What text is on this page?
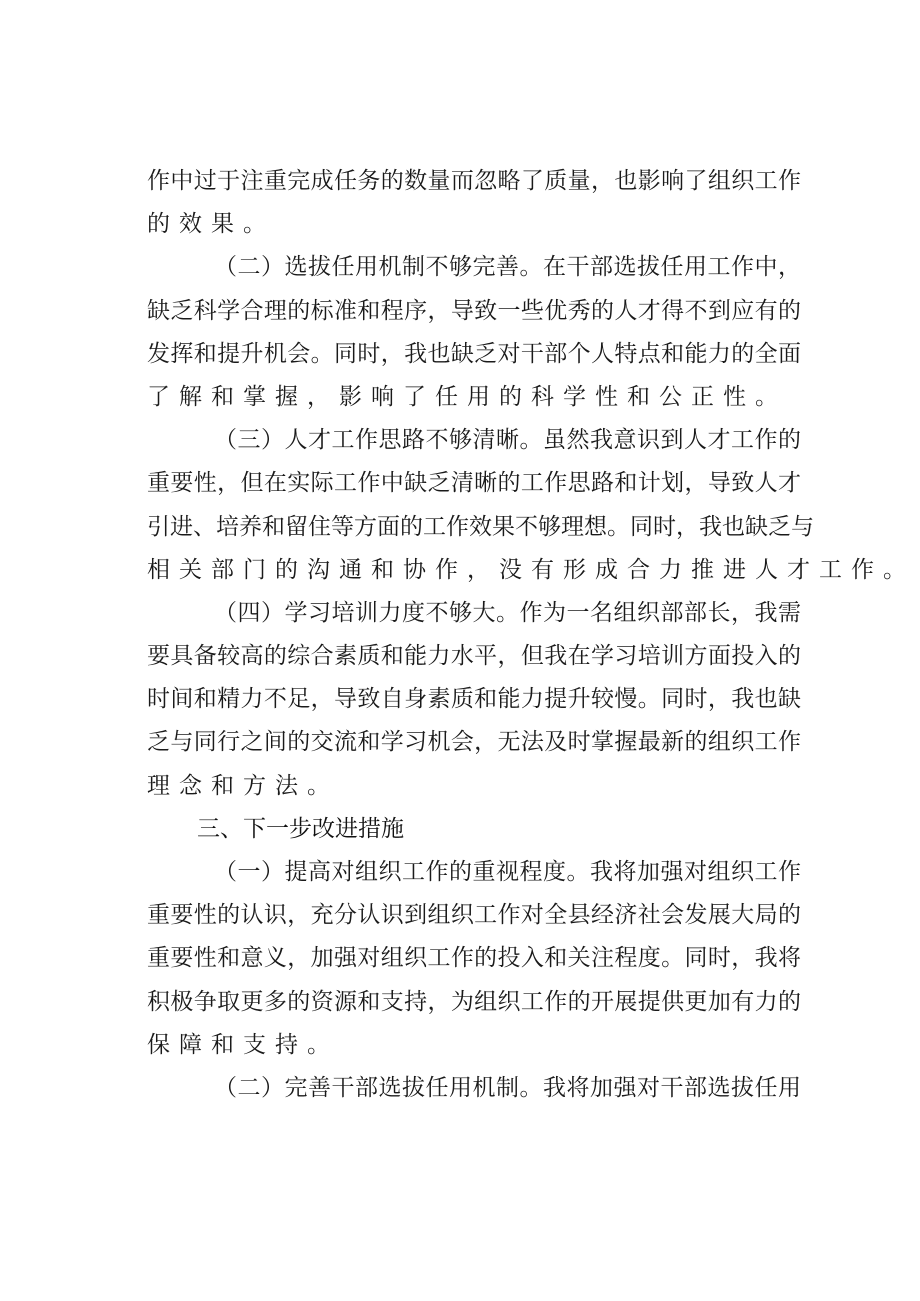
作中过于注重完成任务的数量而忽略了质量，也影响了组织工作
的效果。
（二）选拔任用机制不够完善。在干部选拔任用工作中，
缺乏科学合理的标准和程序，导致一些优秀的人才得不到应有的
发挥和提升机会。同时，我也缺乏对干部个人特点和能力的全面
了解和掌握，影响了任用的科学性和公正性。
（三）人才工作思路不够清晰。虽然我意识到人才工作的
重要性，但在实际工作中缺乏清晰的工作思路和计划，导致人才
引进、培养和留住等方面的工作效果不够理想。同时，我也缺乏与
相关部门的沟通和协作，没有形成合力推进人才工作。
（四）学习培训力度不够大。作为一名组织部部长，我需
要具备较高的综合素质和能力水平，但我在学习培训方面投入的
时间和精力不足，导致自身素质和能力提升较慢。同时，我也缺
乏与同行之间的交流和学习机会，无法及时掌握最新的组织工作
理念和方法。
三、下一步改进措施
（一）提高对组织工作的重视程度。我将加强对组织工作
重要性的认识，充分认识到组织工作对全县经济社会发展大局的
重要性和意义，加强对组织工作的投入和关注程度。同时，我将
积极争取更多的资源和支持，为组织工作的开展提供更加有力的
保障和支持。
（二）完善干部选拔任用机制。我将加强对干部选拔任用
